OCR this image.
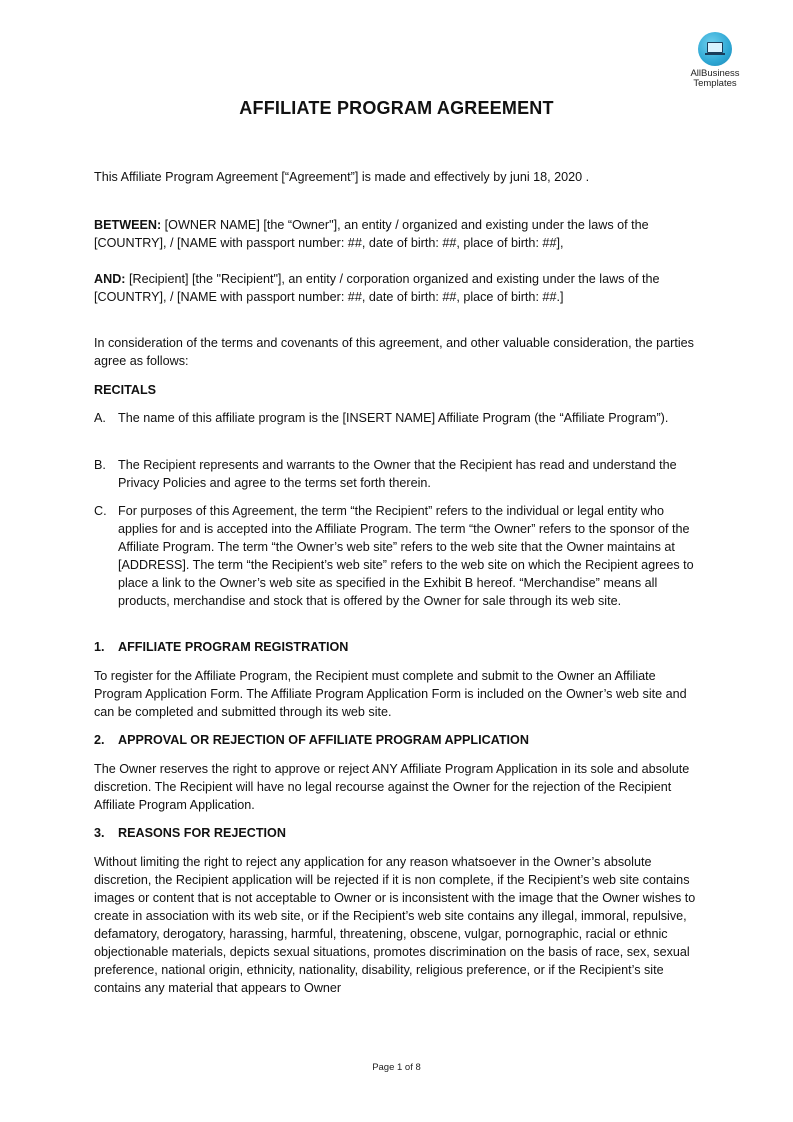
AllBusiness
Templates
AFFILIATE PROGRAM AGREEMENT
This Affiliate Program Agreement [“Agreement”] is made and effectively by juni 18, 2020 .
BETWEEN: [OWNER NAME] [the “Owner"], an entity / organized and existing under the laws of the [COUNTRY], / [NAME with passport number: ##, date of birth: ##, place of birth: ##],
AND: [Recipient] [the "Recipient"], an entity / corporation organized and existing under the laws of the [COUNTRY], / [NAME with passport number: ##, date of birth: ##, place of birth: ##.]
In consideration of the terms and covenants of this agreement, and other valuable consideration, the parties agree as follows:
RECITALS
A. The name of this affiliate program is the [INSERT NAME] Affiliate Program (the “Affiliate Program”).
B. The Recipient represents and warrants to the Owner that the Recipient has read and understand the Privacy Policies and agree to the terms set forth therein.
C. For purposes of this Agreement, the term “the Recipient” refers to the individual or legal entity who applies for and is accepted into the Affiliate Program. The term “the Owner” refers to the sponsor of the Affiliate Program. The term “the Owner’s web site” refers to the web site that the Owner maintains at [ADDRESS]. The term “the Recipient’s web site” refers to the web site on which the Recipient agrees to place a link to the Owner’s web site as specified in the Exhibit B hereof. “Merchandise” means all products, merchandise and stock that is offered by the Owner for sale through its web site.
1. AFFILIATE PROGRAM REGISTRATION
To register for the Affiliate Program, the Recipient must complete and submit to the Owner an Affiliate Program Application Form. The Affiliate Program Application Form is included on the Owner’s web site and can be completed and submitted through its web site.
2. APPROVAL OR REJECTION OF AFFILIATE PROGRAM APPLICATION
The Owner reserves the right to approve or reject ANY Affiliate Program Application in its sole and absolute discretion. The Recipient will have no legal recourse against the Owner for the rejection of the Recipient Affiliate Program Application.
3. REASONS FOR REJECTION
Without limiting the right to reject any application for any reason whatsoever in the Owner’s absolute discretion, the Recipient application will be rejected if it is non complete, if the Recipient’s web site contains images or content that is not acceptable to Owner or is inconsistent with the image that the Owner wishes to create in association with its web site, or if the Recipient’s web site contains any illegal, immoral, repulsive, defamatory, derogatory, harassing, harmful, threatening, obscene, vulgar, pornographic, racial or ethnic objectionable materials, depicts sexual situations, promotes discrimination on the basis of race, sex, sexual preference, national origin, ethnicity, nationality, disability, religious preference, or if the Recipient’s site contains any material that appears to Owner
Page 1 of 8
